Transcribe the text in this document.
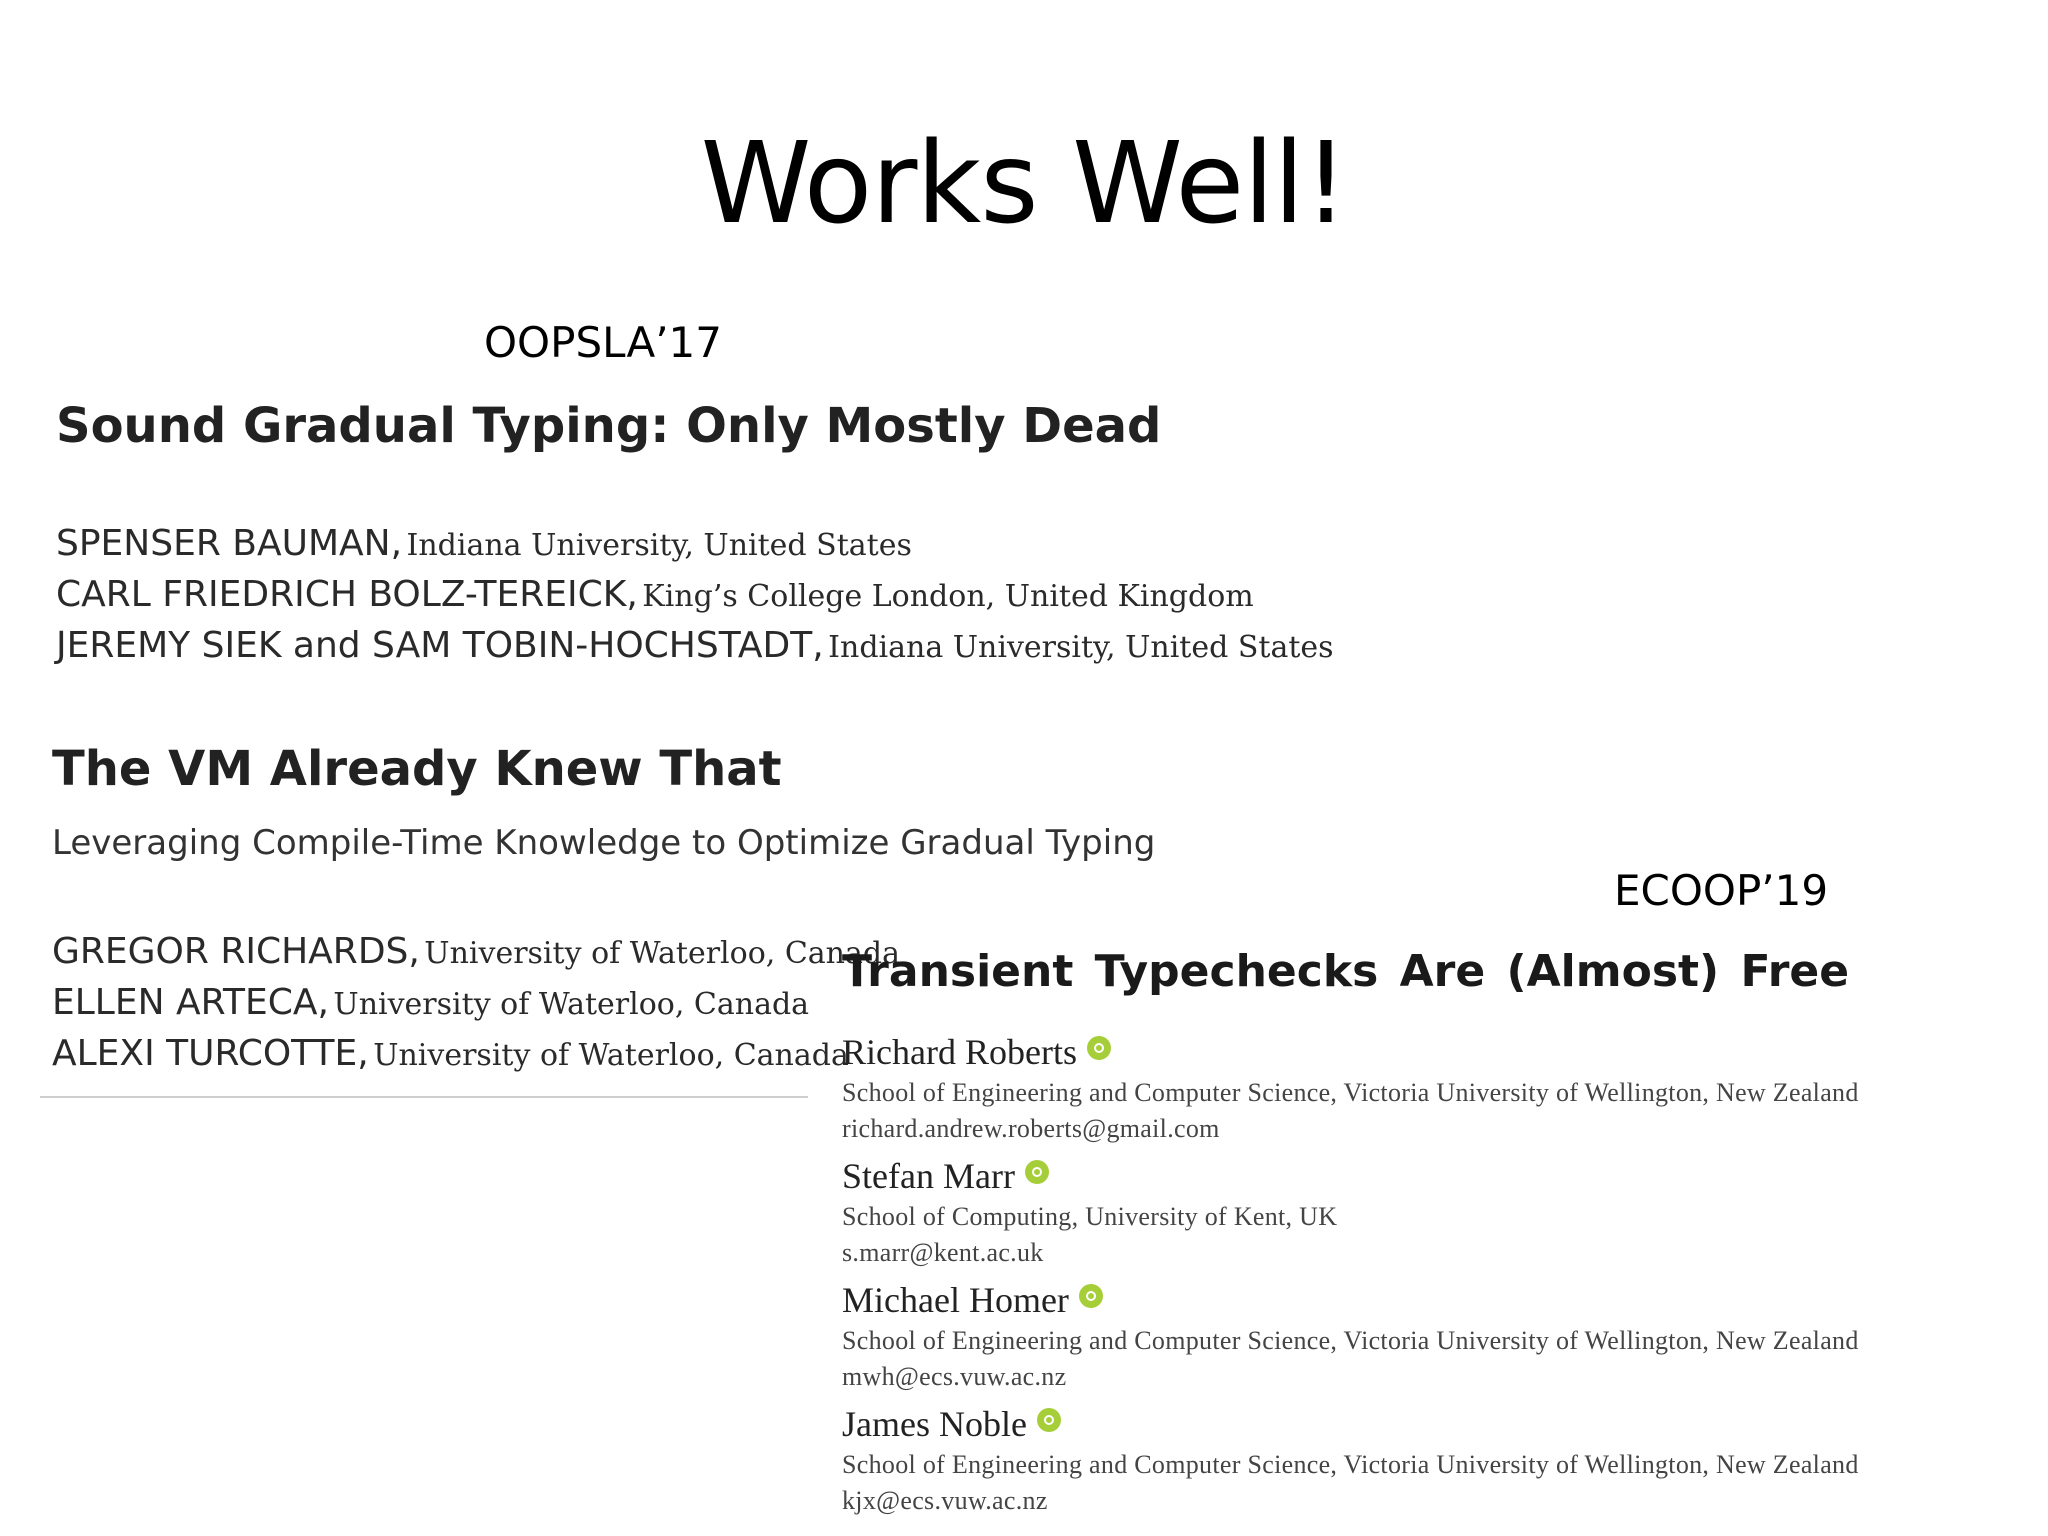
Works Well!
OOPSLA’17
Sound Gradual Typing: Only Mostly Dead
SPENSER BAUMAN, Indiana University, United States
CARL FRIEDRICH BOLZ-TEREICK, King’s College London, United Kingdom
JEREMY SIEK and SAM TOBIN-HOCHSTADT, Indiana University, United States
The VM Already Knew That
Leveraging Compile-Time Knowledge to Optimize Gradual Typing
GREGOR RICHARDS, University of Waterloo, Canada
ELLEN ARTECA, University of Waterloo, Canada
ALEXI TURCOTTE, University of Waterloo, Canada
ECOOP’19
Transient Typechecks Are (Almost) Free
Richard Roberts
School of Engineering and Computer Science, Victoria University of Wellington, New Zealand
richard.andrew.roberts@gmail.com
Stefan Marr
School of Computing, University of Kent, UK
s.marr@kent.ac.uk
Michael Homer
School of Engineering and Computer Science, Victoria University of Wellington, New Zealand
mwh@ecs.vuw.ac.nz
James Noble
School of Engineering and Computer Science, Victoria University of Wellington, New Zealand
kjx@ecs.vuw.ac.nz
